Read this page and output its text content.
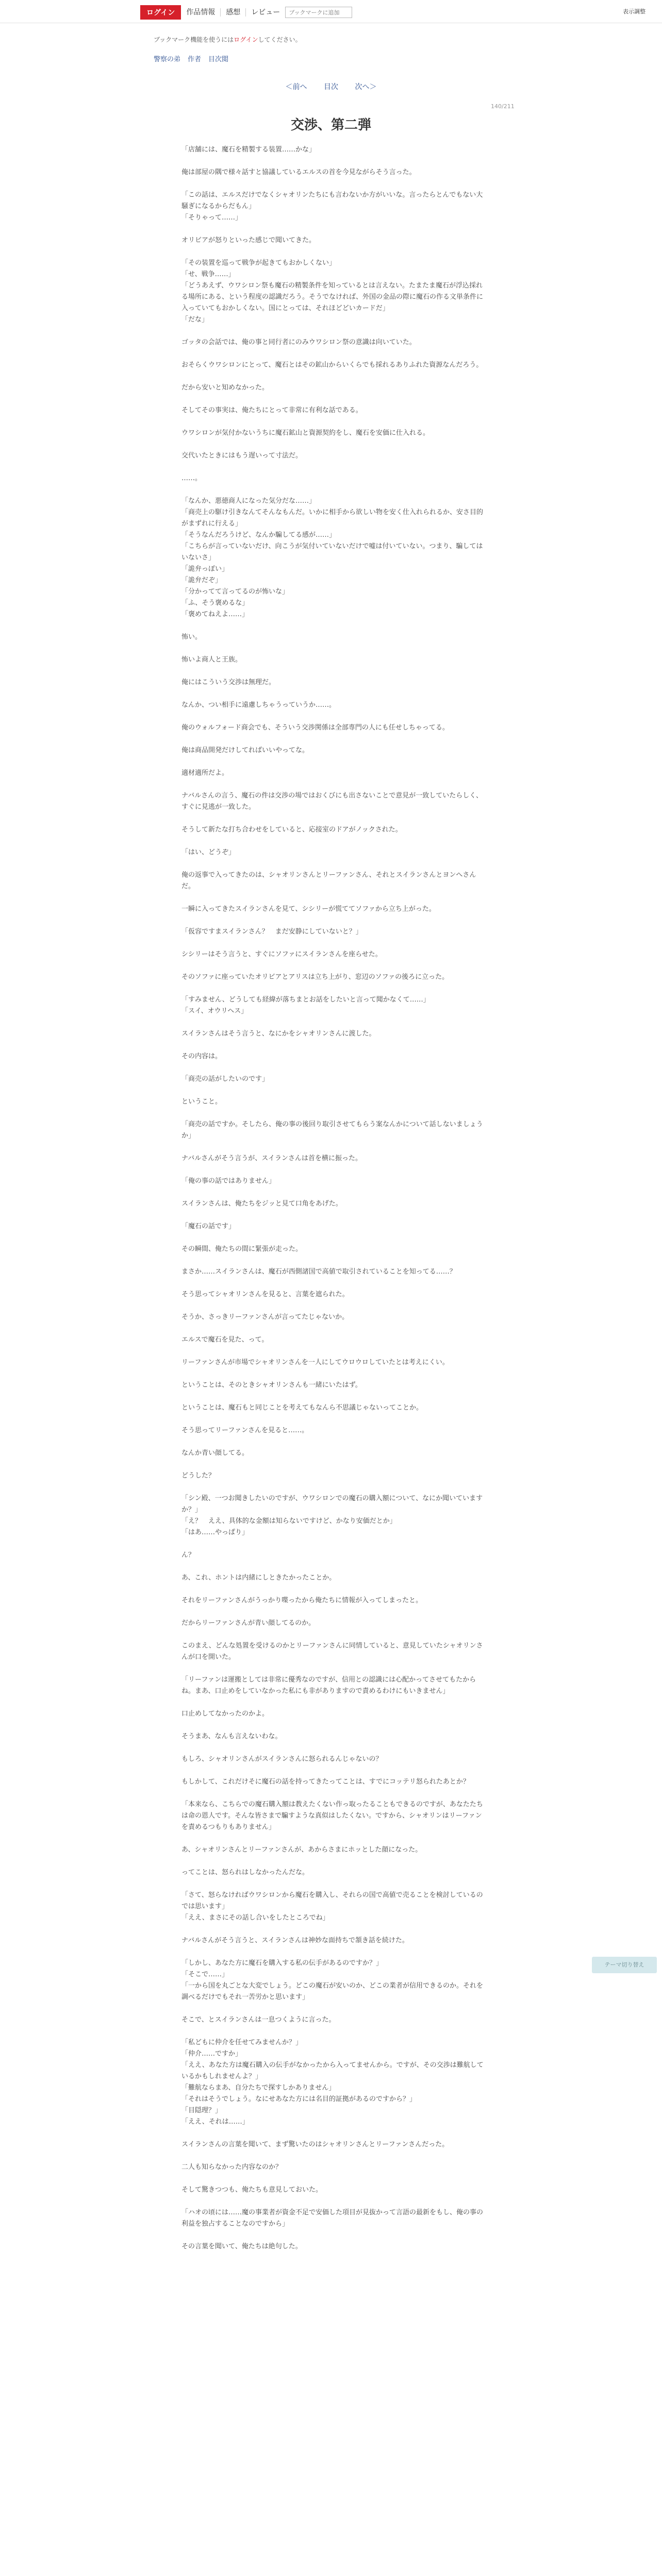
ログイン	作品情報	感想	レビュー
ブックマークに追加	表示調整
ブックマーク機能を使うにはログインしてください。
警察の弟 作者 目次閲
＜前へ 目次 次へ＞
140/211
交渉、第二弾
「店舗には、魔石を精製する装置……かな」
俺は部屋の隅で様々話すと協議しているエルスの首を今見ながらそう言った。
「この話は、エルスだけでなくシャオリンたちにも言わないか方がいいな。言ったらとんでもない大騒ぎになるからだもん」
「そりゃって……」
オリビアが怒りといった感じで聞いてきた。
「その装置を巡って戦争が起きてもおかしくない」
「せ、戦争……」
「どうあえず、ウワシロン祭も魔石の精製条件を知っているとは言えない。たまたま魔石が浮込採れる場所にある、という程度の認識だろう。そうでなければ、外国の金品の際に魔石の作る文単条件に入っていてもおかしくない。国にとっては、それほどどいカードだ」
「だな」
ゴッタの会話では、俺の事と同行者にのみウワシロン祭の意識は向いていた。
おそらくウワシロンにとって、魔石とはその鉱山からいくらでも採れるありふれた資源なんだろう。
だから安いと知めなかった。
そしてその事実は、俺たちにとって非常に有利な話である。
ウワシロンが気付かないうちに魔石鉱山と資源契約をし、魔石を安価に仕入れる。
交代いたときにはもう遅いって寸法だ。
……。
「なんか、悪徳商人になった気分だな……」
「商売上の駆け引きなんてそんなもんだ。いかに相手から欲しい物を安く仕入れられるか、安さ目的がまずれに行える」
「そうなんだろうけど、なんか騙してる感が……」
「こちらが言っていないだけ、向こうが気付いていないだけで嘘は付いていない。つまり、騙してはいないさ」
「詭弁っぽい」
「詭弁だぞ」
「分かってて言ってるのが怖いな」
「ふ、そう褒めるな」
「褒めてねえよ……」
怖い。
怖いよ商人と王族。
俺にはこういう交渉は無理だ。
なんか、つい相手に遠慮しちゃうっていうか……。
俺のウォルフォード商会でも、そういう交渉関係は全部専門の人にも任せしちゃってる。
俺は商品開発だけしてればいいやってな。
適材適所だよ。
ナバルさんの言う、魔石の件は交渉の場ではおくびにも出さないことで意見が一致していたらしく、すぐに見逃が一致した。
そうして新たな打ち合わせをしていると、応接室のドアがノックされた。
「はい、どうぞ」
俺の返事で入ってきたのは、シャオリンさんとリーファンさん、それとスイランさんとヨンへさんだ。
一瞬に入ってきたスイランさんを見て、シシリーが慌ててソファから立ち上がった。
「仮容ですまスイランさん？　まだ安静にしていないと？」
シシリーはそう言うと、すぐにソファにスイランさんを座らせた。
そのソファに座っていたオリビアとアリスは立ち上がり、窓辺のソファの後ろに立った。
「すみません、どうしても経緯が落ちまとお話をしたいと言って聞かなくて……」
「スイ、オウリヘス」
スイランさんはそう言うと、なにかをシャオリンさんに渡した。
その内容は。
「商売の話がしたいのです」
ということ。
「商売の話ですか。そしたら、俺の事の後回り取引させてもらう案なんかについて話しないましょうか」
ナバルさんがそう言うが、スイランさんは首を横に振った。
「俺の事の話ではありません」
スイランさんは、俺たちをジッと見て口角をあげた。
「魔石の話です」
その瞬間、俺たちの間に緊張が走った。
まさか……スイランさんは、魔石が西側諸国で高値で取引されていることを知ってる……？
そう思ってシャオリンさんを見ると、言葉を遮られた。
そうか、さっきリーファンさんが言ってたじゃないか。
エルスで魔石を見た、って。
リーファンさんが市場でシャオリンさんを一人にしてウロウロしていたとは考えにくい。
ということは、そのときシャオリンさんも一緒にいたはず。
ということは、魔石もと同じことを考えてもなんら不思議じゃないってことか。
そう思ってリーファンさんを見ると……。
なんか青い顔してる。
どうした？
「シン殿、一つお聞きしたいのですが、ウワシロンでの魔石の購入額について、なにか聞いていますか？」
「え？　ええ、具体的な金額は知らないですけど、かなり安価だとか」
「はあ……やっぱり」
ん？
あ、これ、ホントは内緒にしときたかったことか。
それをリーファンさんがうっかり喋ったから俺たちに情報が入ってしまったと。
だからリーファンさんが青い顔してるのか。
このまえ、どんな処置を受けるのかとリーファンさんに同情していると、意見していたシャオリンさんが口を開いた。
「リーファンは運搬としては非常に優秀なのですが、信用との認識には心配かってさせてもたからね。まあ、口止めをしていなかった私にも非がありますので責めるわけにもいきません」
口止めしてなかったのかよ。
そうまあ、なんも言えないわな。
もしろ、シャオリンさんがスイランさんに怒られるんじゃないの？
もしかして、これだけそに魔石の話を持ってきたってことは、すでにコッテリ怒られたあとか？
「本来なら、こちらでの魔石購入額は教えたくない作っ取ったることもできるのですが、あなたたちは命の恩人です。そんな皆さまで騙すような真似はしたくない。ですから、シャオリンはリーファンを責めるつもりもありません」
あ、シャオリンさんとリーファンさんが、あからさまにホッとした顔になった。
ってことは、怒られはしなかったんだな。
「さて、怒らなければウワシロンから魔石を購入し、それらの国で高値で売ることを検討しているのでは思います」
「ええ、まさにその話し合いをしたところでね」
ナバルさんがそう言うと、スイランさんは神妙な面持ちで頷き話を続けた。
「しかし、あなた方に魔石を購入する私の伝手があるのですか？」
「そこで……」
「一から国を丸ごとな大変でしょう。どこの魔石が安いのか、どこの業者が信用できるのか。それを調べるだけでもそれ一苦労かと思います」
そこで、とスイランさんは一息つくように言った。
「私どもに仲介を任せてみませんか？」
「仲介……ですか」
「ええ、あなた方は魔石購入の伝手がなかったから入ってませんから。ですが、その交渉は難航しているかもしれませんよ？」
「難航ならまあ、自分たちで探すしかありません」
「それはそうでしょう。なにせあなた方には名目的証拠があるのですから？」
「目隠理？」
「ええ、それは……」
スイランさんの言葉を聞いて、まず驚いたのはシャオリンさんとリーファンさんだった。
二人も知らなかった内容なのか？
そして驚きつつも、俺たちも意見しておいた。
「ハオの頃には……魔の事業者が資金不足で安価した項目が見抜かって言語の最新をもし、俺の事の利益を独占することなのですから」
その言葉を聞いて、俺たちは絶句した。
テーマ切り替え
